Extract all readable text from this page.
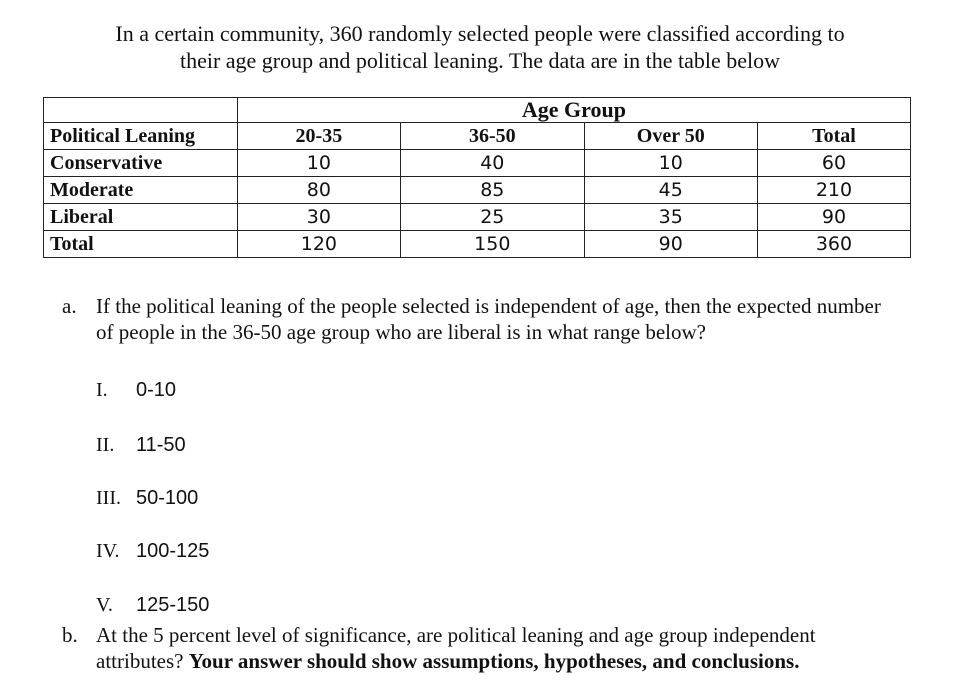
In a certain community, 360 randomly selected people were classified according to their age group and political leaning. The data are in the table below
	Age Group			
Political Leaning	20-35	36-50	Over 50	Total
Conservative	10	40	10	60
Moderate	80	85	45	210
Liberal	30	25	35	90
Total	120	150	90	360
a. If the political leaning of the people selected is independent of age, then the expected number of people in the 36-50 age group who are liberal is in what range below?
I. 0-10
II. 11-50
III. 50-100
IV. 100-125
V. 125-150
b. At the 5 percent level of significance, are political leaning and age group independent attributes? Your answer should show assumptions, hypotheses, and conclusions.
